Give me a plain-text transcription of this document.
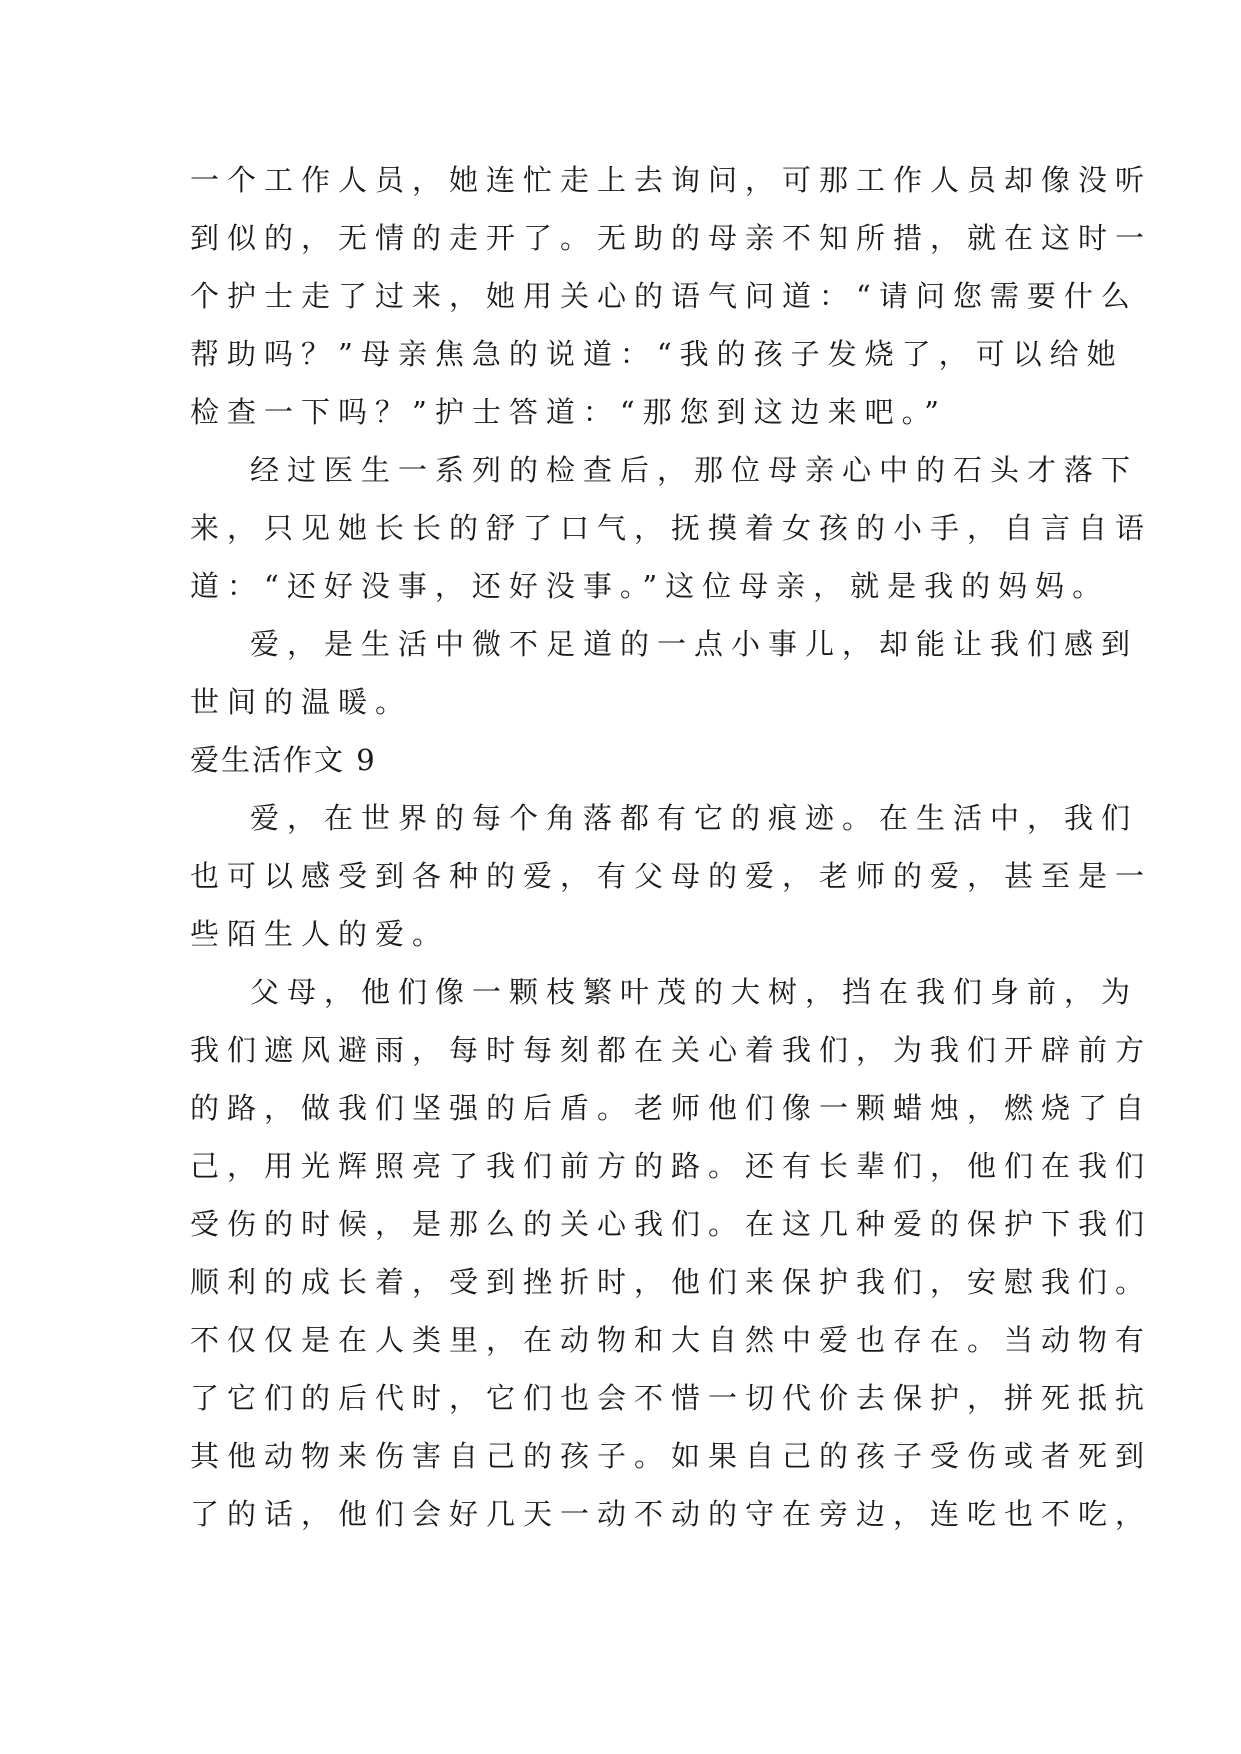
一个工作人员，她连忙走上去询问，可那工作人员却像没听
到似的，无情的走开了。无助的母亲不知所措，就在这时一
个护士走了过来，她用关心的语气问道：“请问您需要什么
帮助吗？”母亲焦急的说道：“我的孩子发烧了，可以给她
检查一下吗？”护士答道：“那您到这边来吧。”
经过医生一系列的检查后，那位母亲心中的石头才落下
来，只见她长长的舒了口气，抚摸着女孩的小手，自言自语
道：“还好没事，还好没事。”这位母亲，就是我的妈妈。
爱，是生活中微不足道的一点小事儿，却能让我们感到
世间的温暖。
爱生活作文 9
爱，在世界的每个角落都有它的痕迹。在生活中，我们
也可以感受到各种的爱，有父母的爱，老师的爱，甚至是一
些陌生人的爱。
父母，他们像一颗枝繁叶茂的大树，挡在我们身前，为
我们遮风避雨，每时每刻都在关心着我们，为我们开辟前方
的路，做我们坚强的后盾。老师他们像一颗蜡烛，燃烧了自
己，用光辉照亮了我们前方的路。还有长辈们，他们在我们
受伤的时候，是那么的关心我们。在这几种爱的保护下我们
顺利的成长着，受到挫折时，他们来保护我们，安慰我们。
不仅仅是在人类里，在动物和大自然中爱也存在。当动物有
了它们的后代时，它们也会不惜一切代价去保护，拼死抵抗
其他动物来伤害自己的孩子。如果自己的孩子受伤或者死到
了的话，他们会好几天一动不动的守在旁边，连吃也不吃，
